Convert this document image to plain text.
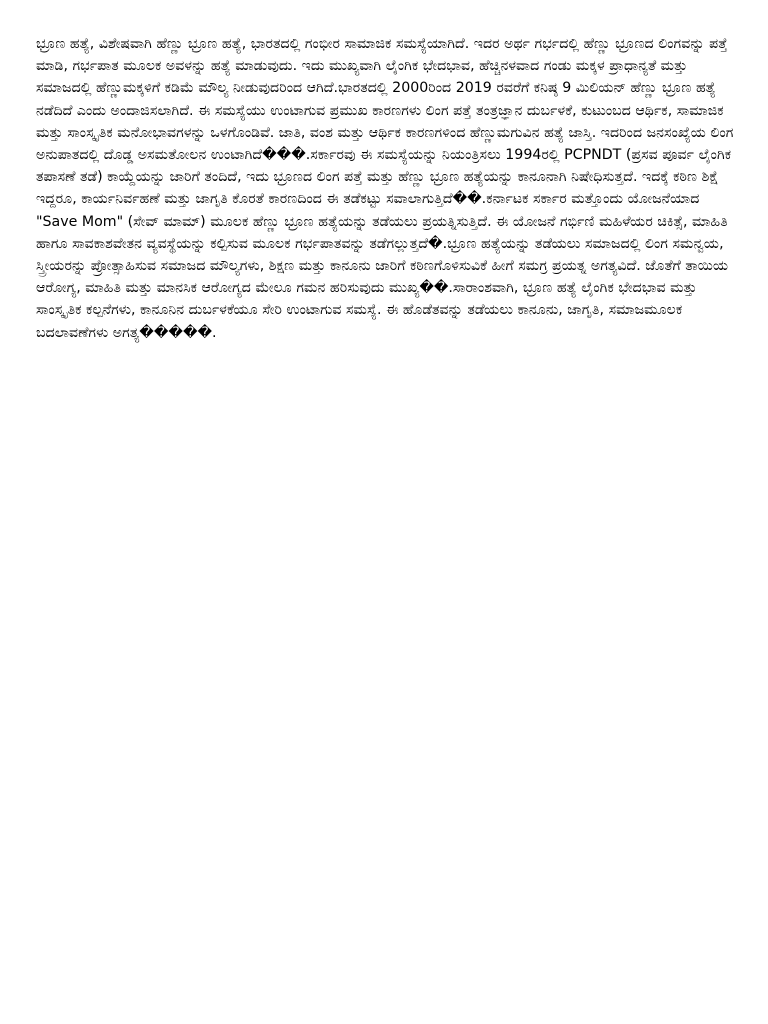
ಭ್ರೂಣ ಹತ್ಯೆ, ವಿಶೇಷವಾಗಿ ಹೆಣ್ಣು ಭ್ರೂಣ ಹತ್ಯೆ, ಭಾರತದಲ್ಲಿ ಗಂಭೀರ ಸಾಮಾಜಿಕ ಸಮಸ್ಯೆಯಾಗಿದೆ. ಇದರ ಅರ್ಥ ಗರ್ಭದಲ್ಲಿ ಹೆಣ್ಣು ಭ್ರೂಣದ ಲಿಂಗವನ್ನು ಪತ್ತೆ ಮಾಡಿ, ಗರ್ಭಪಾತ ಮೂಲಕ ಅವಳನ್ನು ಹತ್ಯೆ ಮಾಡುವುದು. ಇದು ಮುಖ್ಯವಾಗಿ ಲೈಂಗಿಕ ಭೇದಭಾವ, ಹೆಚ್ಚಿನಳವಾದ ಗಂಡು ಮಕ್ಕಳ ಪ್ರಾಧಾನ್ಯತೆ ಮತ್ತು ಸಮಾಜದಲ್ಲಿ ಹೆಣ್ಣುಮಕ್ಕಳಿಗೆ ಕಡಿಮೆ ಮೌಲ್ಯ ನೀಡುವುದರಿಂದ ಆಗಿದೆ.ಭಾರತದಲ್ಲಿ 2000ರಿಂದ 2019 ರವರೆಗೆ ಕನಿಷ್ಠ 9 ಮಿಲಿಯನ್ ಹೆಣ್ಣು ಭ್ರೂಣ ಹತ್ಯೆ ನಡೆದಿದೆ ಎಂದು ಅಂದಾಜಿಸಲಾಗಿದೆ. ಈ ಸಮಸ್ಯೆಯು ಉಂಟಾಗುವ ಪ್ರಮುಖ ಕಾರಣಗಳು ಲಿಂಗ ಪತ್ತೆ ತಂತ್ರಜ್ಞಾನ ದುರ್ಬಳಕೆ, ಕುಟುಂಬದ ಆರ್ಥಿಕ, ಸಾಮಾಜಿಕ ಮತ್ತು ಸಾಂಸ್ಕೃತಿಕ ಮನೋಭಾವಗಳನ್ನು ಒಳಗೊಂಡಿವೆ. ಜಾತಿ, ವಂಶ ಮತ್ತು ಆರ್ಥಿಕ ಕಾರಣಗಳಿಂದ ಹೆಣ್ಣುಮಗುವಿನ ಹತ್ಯೆ ಜಾಸ್ತಿ. ಇದರಿಂದ ಜನಸಂಖ್ಯೆಯ ಲಿಂಗ ಅನುಪಾತದಲ್ಲಿ ದೊಡ್ಡ ಅಸಮತೋಲನ ಉಂಟಾಗಿದೆ���.ಸರ್ಕಾರವು ಈ ಸಮಸ್ಯೆಯನ್ನು ನಿಯಂತ್ರಿಸಲು 1994ರಲ್ಲಿ PCPNDT (ಪ್ರಸವ ಪೂರ್ವ ಲೈಂಗಿಕ ತಪಾಸಣೆ ತಡೆ) ಕಾಯ್ದೆಯನ್ನು ಜಾರಿಗೆ ತಂದಿದೆ, ಇದು ಭ್ರೂಣದ ಲಿಂಗ ಪತ್ತೆ ಮತ್ತು ಹೆಣ್ಣು ಭ್ರೂಣ ಹತ್ಯೆಯನ್ನು ಕಾನೂನಾಗಿ ನಿಷೇಧಿಸುತ್ತದೆ. ಇದಕ್ಕೆ ಕಠಿಣ ಶಿಕ್ಷೆ ಇದ್ದರೂ, ಕಾರ್ಯನಿರ್ವಹಣೆ ಮತ್ತು ಜಾಗೃತಿ ಕೊರತೆ ಕಾರಣದಿಂದ ಈ ತಡೆಕಟ್ಟು ಸವಾಲಾಗುತ್ತಿದೆ��.ಕರ್ನಾಟಕ ಸರ್ಕಾರ ಮತ್ತೊಂದು ಯೋಜನೆಯಾದ "Save Mom" (ಸೇವ್ ಮಾಮ್) ಮೂಲಕ ಹೆಣ್ಣು ಭ್ರೂಣ ಹತ್ಯೆಯನ್ನು ತಡೆಯಲು ಪ್ರಯತ್ನಿಸುತ್ತಿದೆ. ಈ ಯೋಜನೆ ಗರ್ಭಿಣಿ ಮಹಿಳೆಯರ ಚಿಕಿತ್ಸೆ, ಮಾಹಿತಿ ಹಾಗೂ ಸಾವಕಾಶವೇತನ ವ್ಯವಸ್ಥೆಯನ್ನು ಕಲ್ಪಿಸುವ ಮೂಲಕ ಗರ್ಭಪಾತವನ್ನು ತಡೆಗಲ್ಲುತ್ತದೆ�.ಭ್ರೂಣ ಹತ್ಯೆಯನ್ನು ತಡೆಯಲು ಸಮಾಜದಲ್ಲಿ ಲಿಂಗ ಸಮನ್ವಯ, ಸ್ತ್ರೀಯರನ್ನು ಪ್ರೋತ್ಸಾಹಿಸುವ ಸಮಾಜದ ಮೌಲ್ಯಗಳು, ಶಿಕ್ಷಣ ಮತ್ತು ಕಾನೂನು ಜಾರಿಗೆ ಕಠಿಣಗೊಳಿಸುವಿಕೆ ಹೀಗೆ ಸಮಗ್ರ ಪ್ರಯತ್ನ ಅಗತ್ಯವಿದೆ. ಜೊತೆಗೆ ತಾಯಿಯ ಆರೋಗ್ಯ, ಮಾಹಿತಿ ಮತ್ತು ಮಾನಸಿಕ ಆರೋಗ್ಯದ ಮೇಲೂ ಗಮನ ಹರಿಸುವುದು ಮುಖ್ಯ��.ಸಾರಾಂಶವಾಗಿ, ಭ್ರೂಣ ಹತ್ಯೆ ಲೈಂಗಿಕ ಭೇದಭಾವ ಮತ್ತು ಸಾಂಸ್ಕೃತಿಕ ಕಲ್ಪನೆಗಳು, ಕಾನೂನಿನ ದುರ್ಬಳಕೆಯೂ ಸೇರಿ ಉಂಟಾಗುವ ಸಮಸ್ಯೆ. ಈ ಹೊಡೆತವನ್ನು ತಡೆಯಲು ಕಾನೂನು, ಜಾಗೃತಿ, ಸಮಾಜಮೂಲಕ ಬದಲಾವಣೆಗಳು ಅಗತ್ಯ�����.
